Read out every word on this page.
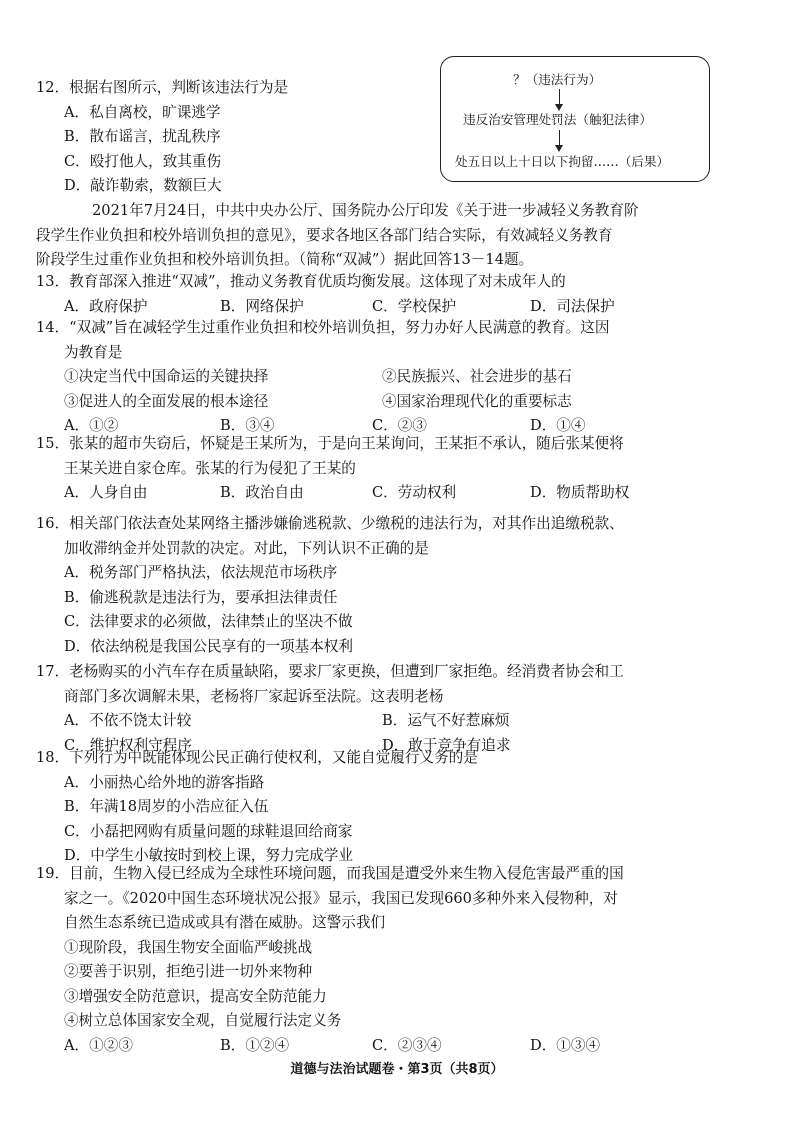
12．根据右图所示，判断该违法行为是
A．私自离校，旷课逃学
B．散布谣言，扰乱秩序
C．殴打他人，致其重伤
D．敲诈勒索，数额巨大
？（违法行为）
违反治安管理处罚法（触犯法律）
处五日以上十日以下拘留……（后果）
2021年7月24日，中共中央办公厅、国务院办公厅印发《关于进一步减轻义务教育阶
段学生作业负担和校外培训负担的意见》，要求各地区各部门结合实际，有效减轻义务教育
阶段学生过重作业负担和校外培训负担。（简称“双减”）据此回答13－14题。
13．教育部深入推进“双减”，推动义务教育优质均衡发展。这体现了对未成年人的
A．政府保护	B．网络保护	C．学校保护	D．司法保护
14．“双减”旨在减轻学生过重作业负担和校外培训负担，努力办好人民满意的教育。这因
为教育是
①决定当代中国命运的关键抉择	②民族振兴、社会进步的基石
③促进人的全面发展的根本途径	④国家治理现代化的重要标志
A．①②	B．③④	C．②③	D．①④
15．张某的超市失窃后，怀疑是王某所为，于是向王某询问，王某拒不承认，随后张某便将
王某关进自家仓库。张某的行为侵犯了王某的
A．人身自由	B．政治自由	C．劳动权利	D．物质帮助权
16．相关部门依法查处某网络主播涉嫌偷逃税款、少缴税的违法行为，对其作出追缴税款、
加收滞纳金并处罚款的决定。对此，下列认识不正确的是
A．税务部门严格执法，依法规范市场秩序
B．偷逃税款是违法行为，要承担法律责任
C．法律要求的必须做，法律禁止的坚决不做
D．依法纳税是我国公民享有的一项基本权利
17．老杨购买的小汽车存在质量缺陷，要求厂家更换，但遭到厂家拒绝。经消费者协会和工
商部门多次调解未果，老杨将厂家起诉至法院。这表明老杨
A．不依不饶太计较	B．运气不好惹麻烦
C．维护权利守程序	D．敢于竞争有追求
18．下列行为中既能体现公民正确行使权利，又能自觉履行义务的是
A．小丽热心给外地的游客指路
B．年满18周岁的小浩应征入伍
C．小磊把网购有质量问题的球鞋退回给商家
D．中学生小敏按时到校上课，努力完成学业
19．目前，生物入侵已经成为全球性环境问题，而我国是遭受外来生物入侵危害最严重的国
家之一。《2020中国生态环境状况公报》显示，我国已发现660多种外来入侵物种，对
自然生态系统已造成或具有潜在威胁。这警示我们
①现阶段，我国生物安全面临严峻挑战
②要善于识别，拒绝引进一切外来物种
③增强安全防范意识，提高安全防范能力
④树立总体国家安全观，自觉履行法定义务
A．①②③	B．①②④	C．②③④	D．①③④
道德与法治试题卷・第3页（共8页）
